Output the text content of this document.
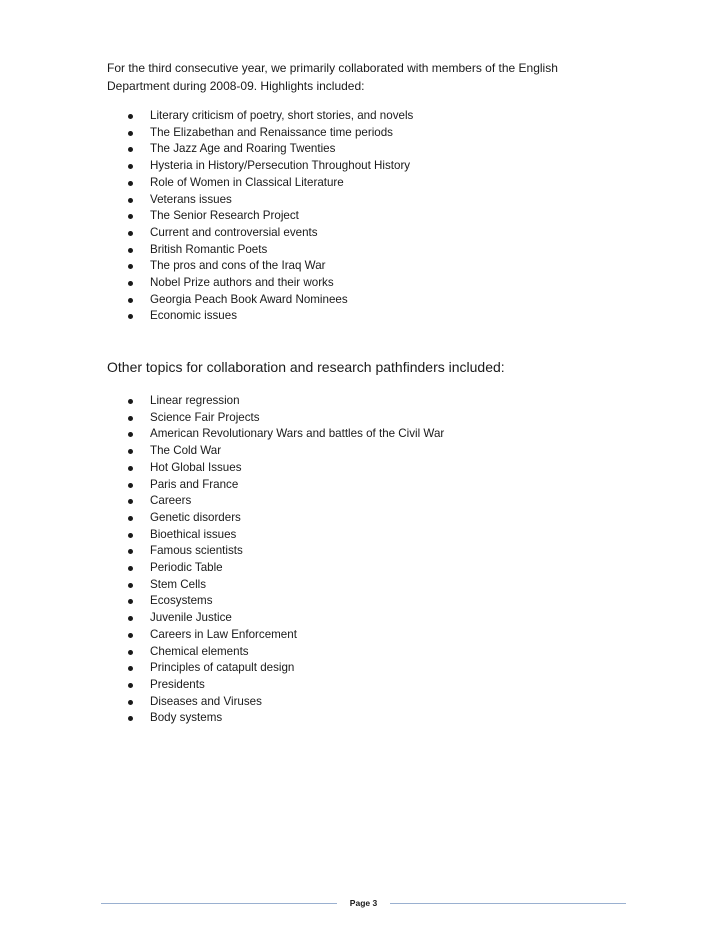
For the third consecutive year, we primarily collaborated with members of the English
Department during 2008-09. Highlights included:

Literary criticism of poetry, short stories, and novels
The Elizabethan and Renaissance time periods
The Jazz Age and Roaring Twenties
Hysteria in History/Persecution Throughout History
Role of Women in Classical Literature
Veterans issues
The Senior Research Project
Current and controversial events
British Romantic Poets
The pros and cons of the Iraq War
Nobel Prize authors and their works
Georgia Peach Book Award Nominees
Economic issues
Other topics for collaboration and research pathfinders included:
Linear regression
Science Fair Projects
American Revolutionary Wars and battles of the Civil War
The Cold War
Hot Global Issues
Paris and France
Careers
Genetic disorders
Bioethical issues
Famous scientists
Periodic Table
Stem Cells
Ecosystems
Juvenile Justice
Careers in Law Enforcement
Chemical elements
Principles of catapult design
Presidents
Diseases and Viruses
Body systems
Page 3
